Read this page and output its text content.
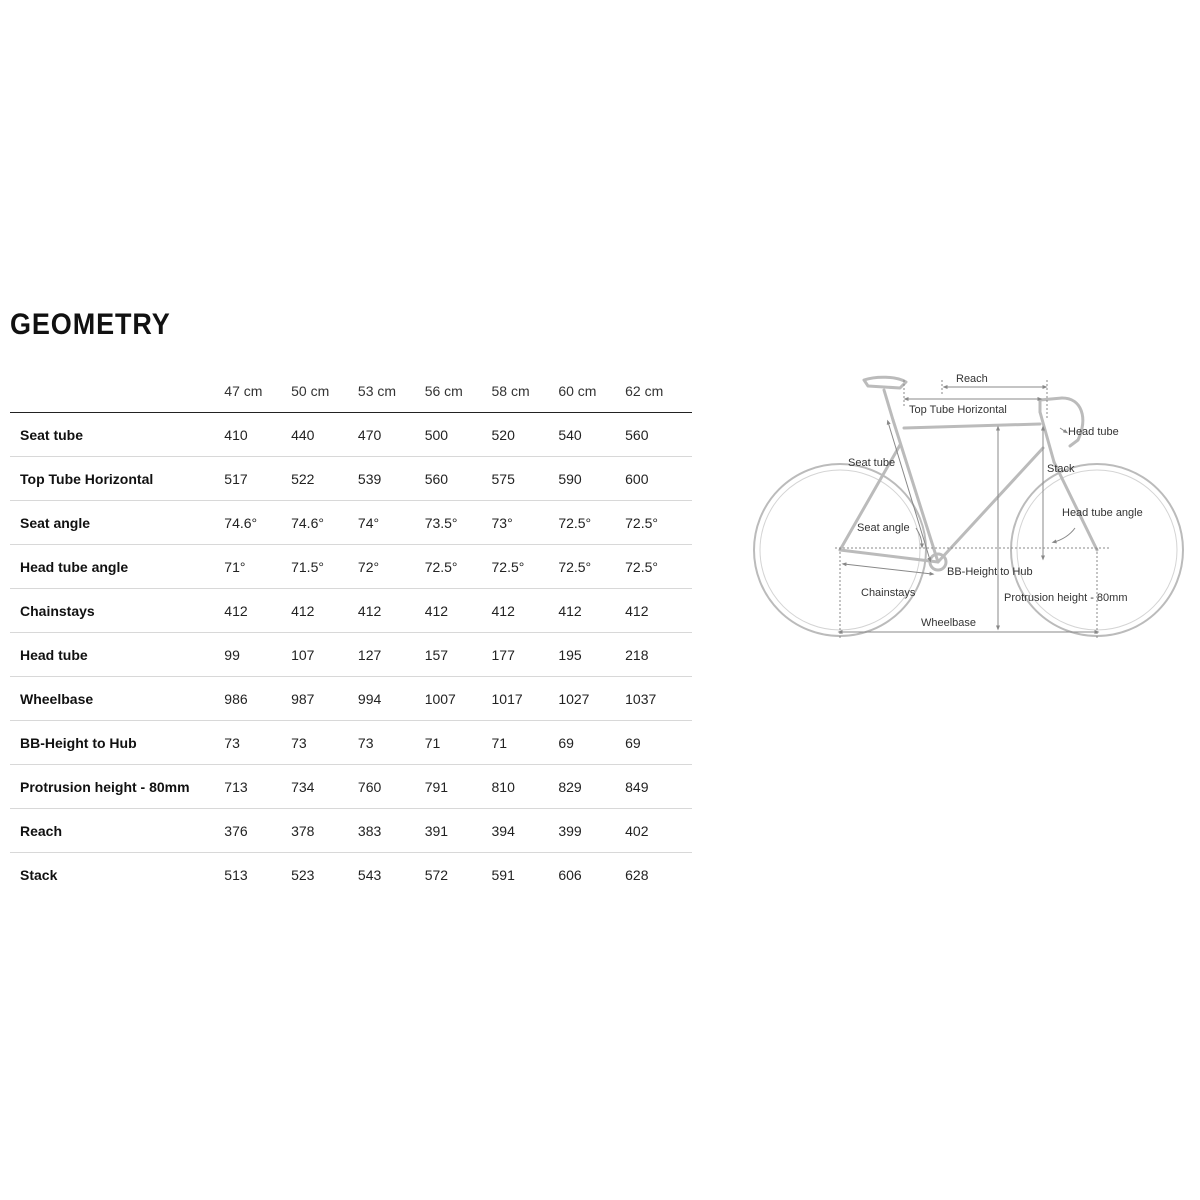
GEOMETRY
	47 cm	50 cm	53 cm	56 cm	58 cm	60 cm	62 cm
Seat tube	410	440	470	500	520	540	560
Top Tube Horizontal	517	522	539	560	575	590	600
Seat angle	74.6°	74.6°	74°	73.5°	73°	72.5°	72.5°
Head tube angle	71°	71.5°	72°	72.5°	72.5°	72.5°	72.5°
Chainstays	412	412	412	412	412	412	412
Head tube	99	107	127	157	177	195	218
Wheelbase	986	987	994	1007	1017	1027	1037
BB-Height to Hub	73	73	73	71	71	69	69
Protrusion height - 80mm	713	734	760	791	810	829	849
Reach	376	378	383	391	394	399	402
Stack	513	523	543	572	591	606	628
Reach
Top Tube Horizontal
Head tube
Seat tube	Stack
Seat angle
Head tube angle
BB-Height to Hub
Chainstays	Protrusion height - 80mm
Wheelbase
